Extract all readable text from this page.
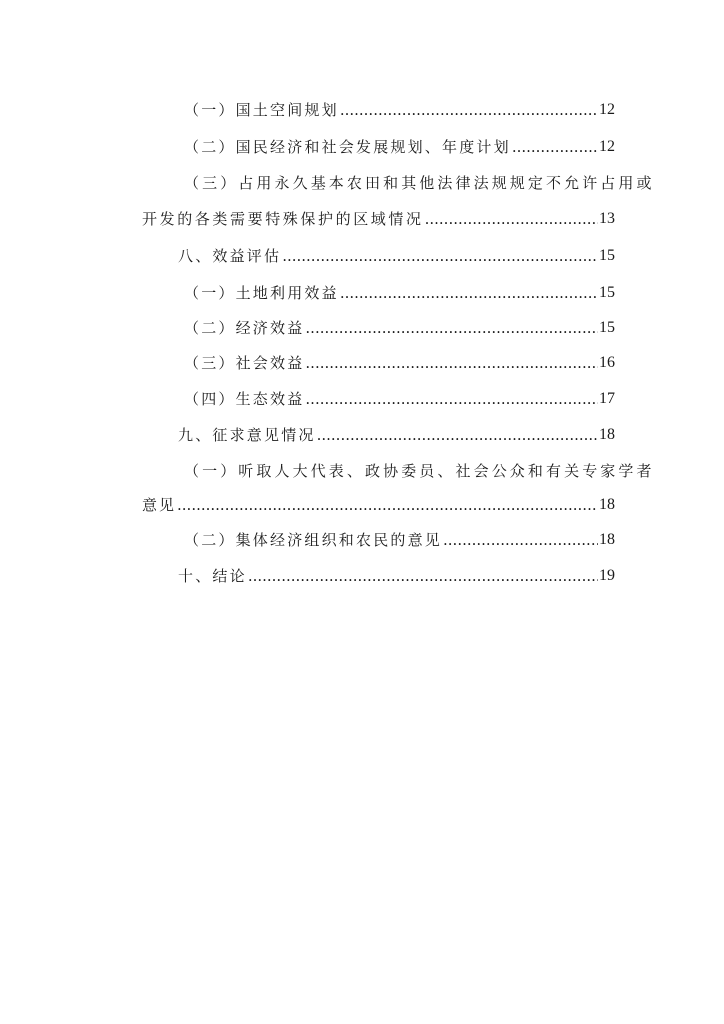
（一）国土空间规划 .....	12
（二）国民经济和社会发展规划、年度计划 .....	12
（三）占用永久基本农田和其他法律法规规定不允许占用或
开发的各类需要特殊保护的区域情况 .....	13
八、效益评估 .....	15
（一）土地利用效益 .....	15
（二）经济效益 .....	15
（三）社会效益 .....	16
（四）生态效益 .....	17
九、征求意见情况 .....	18
（一）听取人大代表、政协委员、社会公众和有关专家学者
意见 .....	18
（二）集体经济组织和农民的意见 .....	18
十、结论 .....	19
